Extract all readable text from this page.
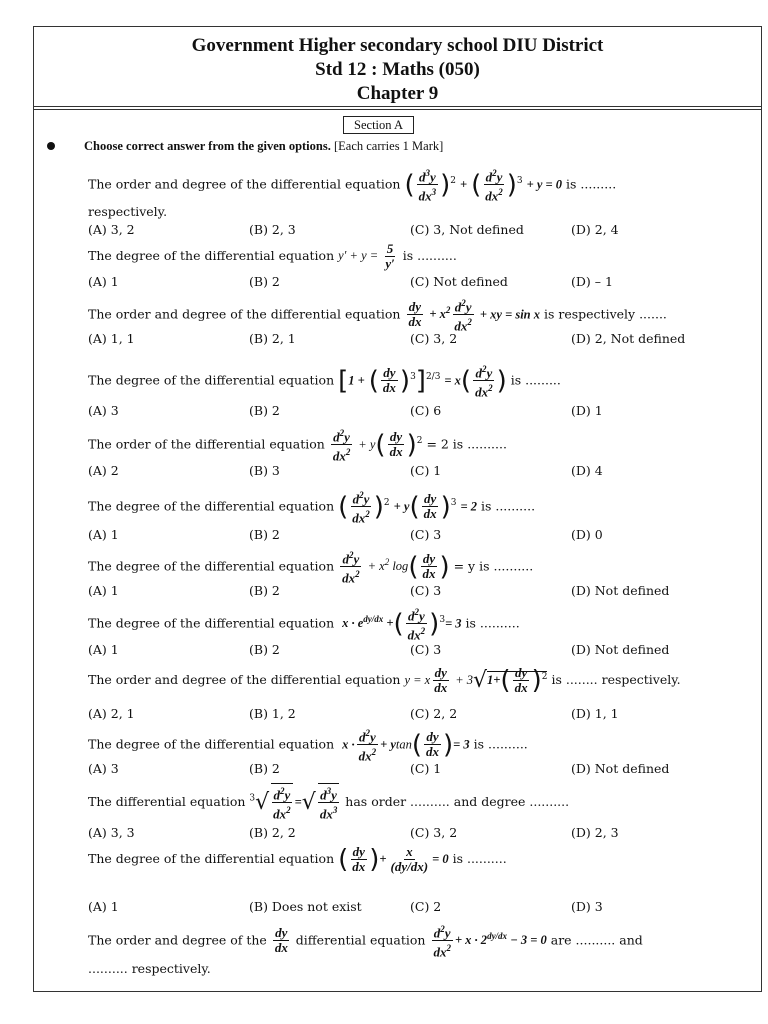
Government Higher secondary school DIU District
Std 12 : Maths (050)
Chapter 9
Section A
Choose correct answer from the given options. [Each carries 1 Mark]
The order and degree of the differential equation ( $\frac{d^3y}{dx^3} )^2$ + ( $\frac{d^2y}{dx^2} )^3 + y = 0$ is .........
respectively.
(A) 3, 2	(B) 2, 3	(C) 3, Not defined	(D) 2, 4
The degree of the differential equation $y' + y = \frac{5}{y'}$ is ..........
(A) 1	(B) 2	(C) Not defined	(D) – 1
The order and degree of the differential equation $\frac{dy}{dx} + x^2 \frac{d^2y}{dx^2}$ + xy = sin x is respectively .......
(A) 1, 1	(B) 2, 1	(C) 3, 2	(D) 2, Not defined
The degree of the differential equation [1 + ( $\frac{dy}{dx} )^3]^{2/3} = x( \frac{d^2y}{dx^2}$ ) is .........
(A) 3	(B) 2	(C) 6	(D) 1
The order of the differential equation $\frac{d^2y}{dx^2} + y( \frac{dy}{dx} )^2 = 2$ is ..........
(A) 2	(B) 3	(C) 1	(D) 4
The degree of the differential equation ( $\frac{d^2y}{dx^2} )^2 + y( \frac{dy}{dx} )^3 = 2$ is ..........
(A) 1	(B) 2	(C) 3	(D) 0
The degree of the differential equation $\frac{d^2y}{dx^2} + x^2$ $\log( \frac{dy}{dx}$ ) = y is ..........
(A) 1	(B) 2	(C) 3	(D) Not defined
The degree of the differential equation $x \cdot e^{dy/dx}$ +( $\frac{d^2y}{dx^2} )^3= 3$ is ..........
(A) 1	(B) 2	(C) 3	(D) Not defined
The order and degree of the differential equation y = x $\frac{dy}{dx} + 3√1+( \frac{dy}{dx} )^2$ is ........ respectively.
(A) 2, 1	(B) 1, 2	(C) 2, 2	(D) 1, 1
The degree of the differential equation $x \cdot \frac{d^2y}{dx^2} + ytan( \frac{dy}{dx}$ )= 3 is ..........
(A) 3	(B) 2	(C) 1	(D) Not defined
The differential equation $^3√ \frac{d^2y}{dx^2}$ =√ $\frac{d^3y}{dx^3}$ has order .......... and degree ..........
(A) 3, 3	(B) 2, 2	(C) 3, 2	(D) 2, 3
The degree of the differential equation ( $\frac{dy}{dx}$ )+ $\frac{x}{(dy/dx)} = 0$ is ..........
(A) 1	(B) Does not exist	(C) 2	(D) 3
The order and degree of the $\frac{dy}{dx}$ differential equation $\frac{d^2y}{dx^2} + x \cdot 2^{dy/dx} - 3 = 0$ are .......... and
.......... respectively.
